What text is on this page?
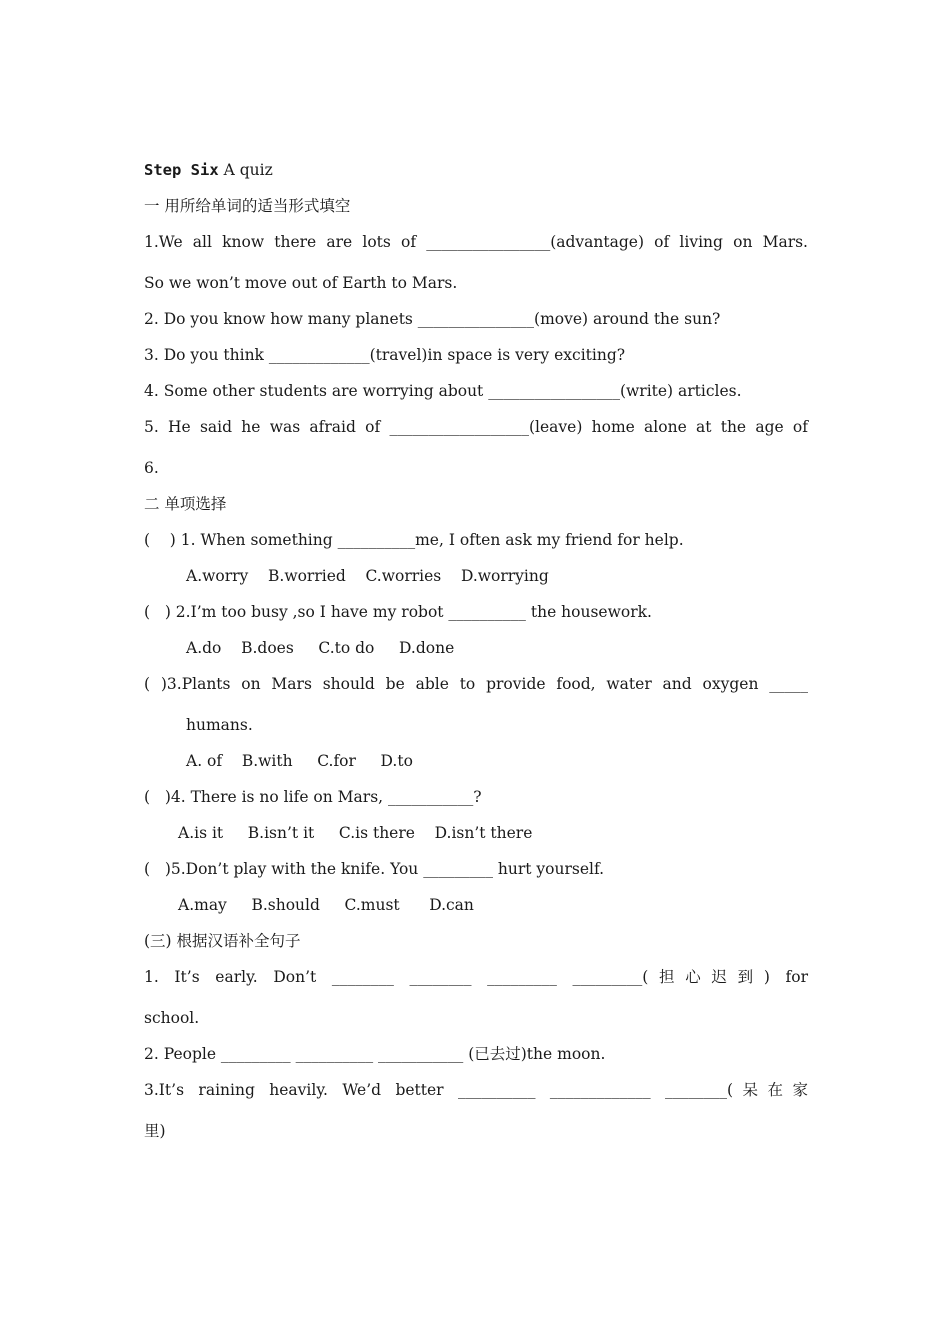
Step Six A quiz

一 用所给单词的适当形式填空

1.We all know there are lots of ________________(advantage) of living on Mars.

So we won’t move out of Earth to Mars.

2. Do you know how many planets _______________(move) around the sun?

3. Do you think _____________(travel)in space is very exciting?

4. Some other students are worrying about _________________(write) articles.

5. He said he was afraid of __________________(leave) home alone at the age of

6.

二 单项选择

(    ) 1. When something __________me, I often ask my friend for help.

A.worry    B.worried    C.worries    D.worrying

(   ) 2.I’m too busy ,so I have my robot __________ the housework.

A.do    B.does     C.to do     D.done

( )3.Plants on Mars should be able to provide food, water and oxygen _____

humans.

A. of    B.with     C.for     D.to

(   )4. There is no life on Mars, ___________?

A.is it     B.isn’t it     C.is there    D.isn’t there

(   )5.Don’t play with the knife. You _________ hurt yourself.

A.may     B.should     C.must      D.can

(三) 根据汉语补全句子

1. It’s early. Don’t ________ ________ _________ _________(担心迟到) for

school.

2. People _________ __________ ___________ (已去过)the moon.

3.It’s raining heavily. We’d better __________ _____________ ________(呆在家

里)
